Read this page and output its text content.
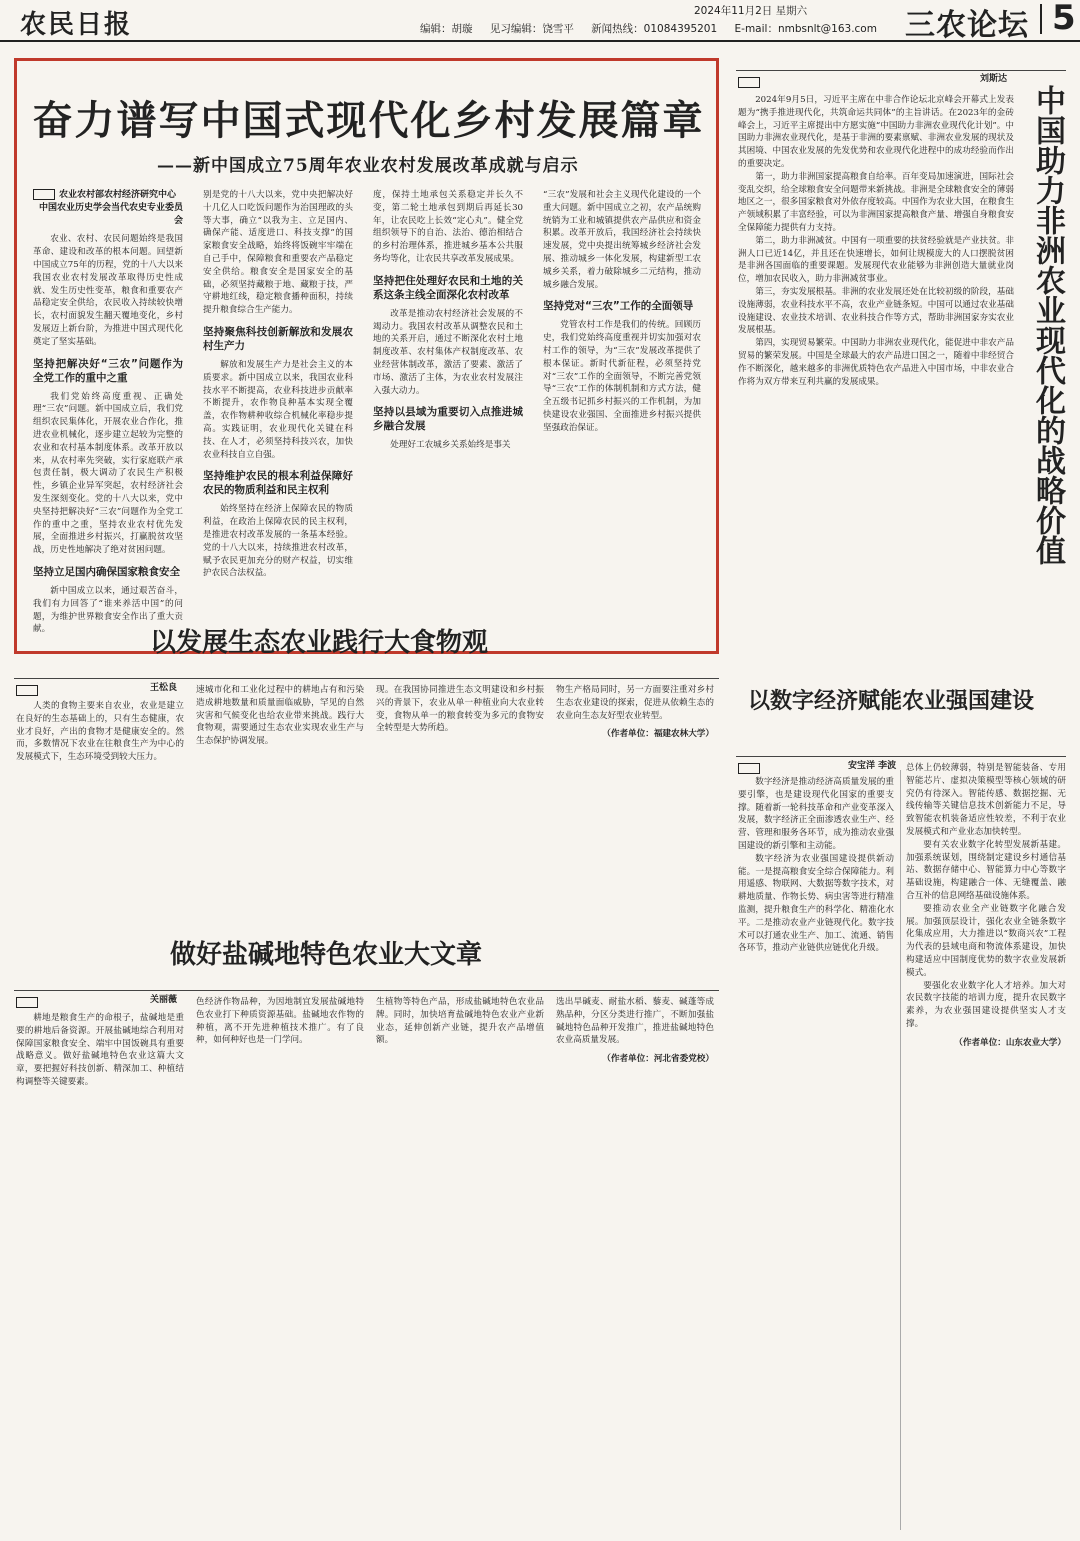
农民日报	2024年11月2日 星期六
编辑：胡璇 见习编辑：饶雪平 新闻热线：01084395201 E-mail：nmbsnlt@163.com 三农论坛 5
奋力谱写中国式现代化乡村发展篇章
——新中国成立75周年农业农村发展改革成就与启示
农业农村部农村经济研究中心
中国农业历史学会当代农史专业委员会

农业、农村、农民问题始终是我国革命、建设和改革的根本问题。回望新中国成立75年的历程，党的十八大以来我国农业农村发展改革取得历史性成就、发生历史性变革，粮食和重要农产品稳定安全供给，农民收入持续较快增长，农村面貌发生翻天覆地变化，乡村发展迈上新台阶，为推进中国式现代化奠定了坚实基础。

坚持把解决好“三农”问题作为全党工作的重中之重

我们党始终高度重视、正确处理“三农”问题。新中国成立后，我们党组织农民集体化，开展农业合作化，推进农业机械化，逐步建立起较为完整的农业和农村基本制度体系。改革开放以来，从农村率先突破，实行家庭联产承包责任制，极大调动了农民生产积极性，乡镇企业异军突起，农村经济社会发生深刻变化。党的十八大以来，党中央坚持把解决好“三农”问题作为全党工作的重中之重，坚持农业农村优先发展，全面推进乡村振兴，打赢脱贫攻坚战，历史性地解决了绝对贫困问题。

坚持立足国内确保国家粮食安全

新中国成立以来，通过艰苦奋斗，我们有力回答了“谁来养活中国”的问题，为维护世界粮食安全作出了重大贡献。

别是党的十八大以来，党中央把解决好十几亿人口吃饭问题作为治国理政的头等大事，确立“以我为主、立足国内、确保产能、适度进口、科技支撑”的国家粮食安全战略，始终将饭碗牢牢端在自己手中，保障粮食和重要农产品稳定安全供给。粮食安全是国家安全的基础，必须坚持藏粮于地、藏粮于技，严守耕地红线，稳定粮食播种面积，持续提升粮食综合生产能力。

坚持聚焦科技创新解放和发展农村生产力

解放和发展生产力是社会主义的本质要求。新中国成立以来，我国农业科技水平不断提高，农业科技进步贡献率不断提升，农作物良种基本实现全覆盖，农作物耕种收综合机械化率稳步提高。实践证明，农业现代化关键在科技、在人才，必须坚持科技兴农，加快农业科技自立自强。

坚持维护农民的根本利益保障好农民的物质利益和民主权利

始终坚持在经济上保障农民的物质利益，在政治上保障农民的民主权利，是推进农村改革发展的一条基本经验。党的十八大以来，持续推进农村改革，赋予农民更加充分的财产权益，切实维护农民合法权益。

度，保持土地承包关系稳定并长久不变，第二轮土地承包到期后再延长30年，让农民吃上长效“定心丸”。健全党组织领导下的自治、法治、德治相结合的乡村治理体系，推进城乡基本公共服务均等化，让农民共享改革发展成果。

坚持把住处理好农民和土地的关系这条主线全面深化农村改革

改革是推动农村经济社会发展的不竭动力。我国农村改革从调整农民和土地的关系开启，通过不断深化农村土地制度改革、农村集体产权制度改革、农业经营体制改革，激活了要素、激活了市场、激活了主体，为农业农村发展注入强大动力。

坚持以县域为重要切入点推进城乡融合发展

处理好工农城乡关系始终是事关

“三农”发展和社会主义现代化建设的一个重大问题。新中国成立之初，农产品统购统销为工业和城镇提供农产品供应和资金积累。改革开放后，我国经济社会持续快速发展，党中央提出统筹城乡经济社会发展、推动城乡一体化发展，构建新型工农城乡关系，着力破除城乡二元结构，推动城乡融合发展。

坚持党对“三农”工作的全面领导

党管农村工作是我们的传统。回顾历史，我们党始终高度重视并切实加强对农村工作的领导，为“三农”发展改革提供了根本保证。新时代新征程，必须坚持党对“三农”工作的全面领导，不断完善党领导“三农”工作的体制机制和方式方法，健全五级书记抓乡村振兴的工作机制，为加快建设农业强国、全面推进乡村振兴提供坚强政治保证。

刘斯达
中国助力非洲农业现代化的战略价值

2024年9月5日，习近平主席在中非合作论坛北京峰会开幕式上发表题为“携手推进现代化，共筑命运共同体”的主旨讲话。在2023年的金砖峰会上，习近平主席提出中方愿实施“中国助力非洲农业现代化计划”。中国助力非洲农业现代化，是基于非洲的要素禀赋、非洲农业发展的现状及其困境、中国农业发展的先发优势和农业现代化进程中的成功经验而作出的重要决定。

第一，助力非洲国家提高粮食自给率。百年变局加速演进，国际社会变乱交织，给全球粮食安全问题带来新挑战。非洲是全球粮食安全的薄弱地区之一，很多国家粮食对外依存度较高。中国作为农业大国，在粮食生产领域积累了丰富经验，可以为非洲国家提高粮食产量、增强自身粮食安全保障能力提供有力支持。

第二，助力非洲减贫。中国有一项重要的扶贫经验就是产业扶贫。非洲人口已近14亿，并且还在快速增长，如何让规模庞大的人口摆脱贫困是非洲各国面临的重要课题。发展现代农业能够为非洲创造大量就业岗位，增加农民收入，助力非洲减贫事业。

第三，夯实发展根基。非洲的农业发展还处在比较初级的阶段，基础设施薄弱，农业科技水平不高，农业产业链条短。中国可以通过农业基础设施建设、农业技术培训、农业科技合作等方式，帮助非洲国家夯实农业发展根基。

第四，实现贸易繁荣。中国助力非洲农业现代化，能促进中非农产品贸易的繁荣发展。中国是全球最大的农产品进口国之一，随着中非经贸合作不断深化，越来越多的非洲优质特色农产品进入中国市场，中非农业合作将为双方带来互利共赢的发展成果。

以数字经济赋能农业强国建设
安宝洋 李波

数字经济是推动经济高质量发展的重要引擎，也是建设现代化国家的重要支撑。随着新一轮科技革命和产业变革深入发展，数字经济正全面渗透农业生产、经营、管理和服务各环节，成为推动农业强国建设的新引擎和主动能。

数字经济为农业强国建设提供新动能。一是提高粮食安全综合保障能力。利用遥感、物联网、大数据等数字技术，对耕地质量、作物长势、病虫害等进行精准监测，提升粮食生产的科学化、精准化水平。二是推动农业产业链现代化。数字技术可以打通农业生产、加工、流通、销售各环节，推动产业链供应链优化升级。

总体上仍较薄弱，特别是智能装备、专用智能芯片、虚拟决策模型等核心领域的研究仍有待深入。智能传感、数据挖掘、无线传输等关键信息技术创新能力不足，导致智能农机装备适应性较差，不利于农业发展模式和产业业态加快转型。

要有关农业数字化转型发展新基建。加强系统谋划，围绕制定建设乡村通信基站、数据存储中心、智能算力中心等数字基础设施，构建融合一体、无缝覆盖、融合互补的信息网络基础设施体系。

要推动农业全产业链数字化融合发展。加强顶层设计，强化农业全链条数字化集成应用，大力推进以“数商兴农”工程为代表的县域电商和物流体系建设，加快构建适应中国制度优势的数字农业发展新模式。

要强化农业数字化人才培养。加大对农民数字技能的培训力度，提升农民数字素养，为农业强国建设提供坚实人才支撑。

（作者单位：山东农业大学）
以发展生态农业践行大食物观
王松良

人类的食物主要来自农业，农业是建立在良好的生态基础上的，只有生态健康，农业才良好，产出的食物才是健康安全的。然而，多数情况下农业在往粮食生产为中心的发展模式下，生态环境受到较大压力。

速城市化和工业化过程中的耕地占有和污染造成耕地数量和质量面临威胁，罕见的自然灾害和气候变化也给农业带来挑战。践行大食物观，需要通过生态农业实现农业生产与生态保护协调发展。

现。在我国协同推进生态文明建设和乡村振兴的背景下，农业从单一种植业向大农业转变，食物从单一的粮食转变为多元的食物安全转型是大势所趋。

物生产格局同时，另一方面要注重对乡村生态农业建设的探索，促进从依赖生态的农业向生态友好型农业转型。

（作者单位：福建农林大学）
做好盐碱地特色农业大文章
关丽薇

耕地是粮食生产的命根子，盐碱地是重要的耕地后备资源。开展盐碱地综合利用对保障国家粮食安全、端牢中国饭碗具有重要战略意义。做好盐碱地特色农业这篇大文章，要把握好科技创新、精深加工、种植结构调整等关键要素。

色经济作物品种，为因地制宜发展盐碱地特色农业打下种质资源基础。盐碱地农作物的种植，离不开先进种植技术推广。有了良种，如何种好也是一门学问。

生植物等特色产品，形成盐碱地特色农业品牌。同时，加快培育盐碱地特色农业产业新业态，延伸创新产业链，提升农产品增值额。

选出旱碱麦、耐盐水稻、藜麦、碱蓬等成熟品种，分区分类进行推广，不断加强盐碱地特色品种开发推广，推进盐碱地特色农业高质量发展。

（作者单位：河北省委党校）
